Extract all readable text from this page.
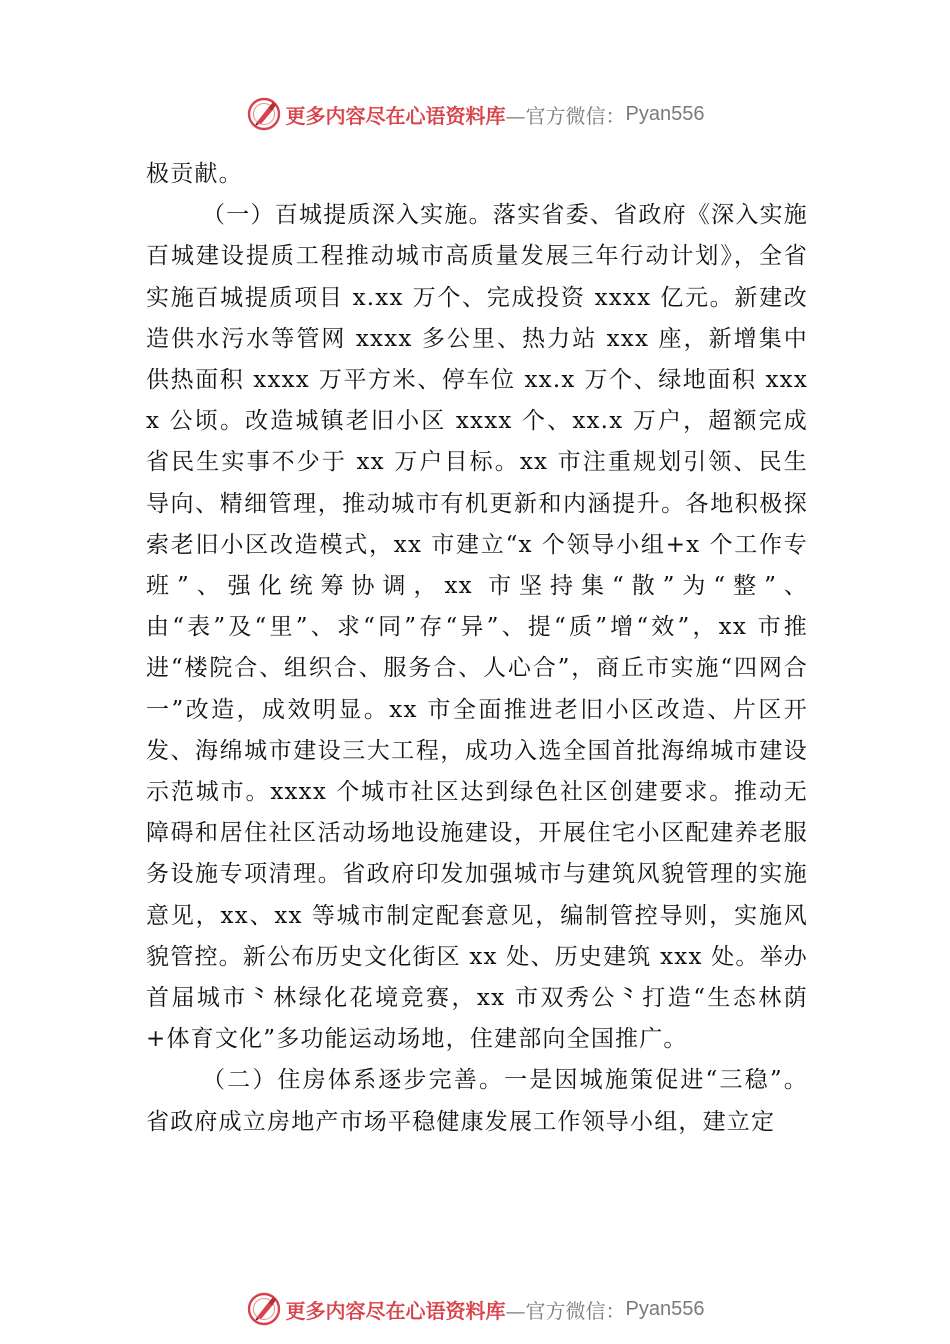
更多内容尽在心语资料库 —官方微信： Pyan556

极贡献。

（一）百城提质深入实施。落实省委、省政府《深入实施百城建设提质工程推动城市高质量发展三年行动计划》，全省实施百城提质项目 x.xx 万个、完成投资 xxxx 亿元。新建改造供水污水等管网 xxxx 多公里、热力站 xxx 座，新增集中供热面积 xxxx 万平方米、停车位 xx.x 万个、绿地面积 xxxx 公顷。改造城镇老旧小区 xxxx 个、xx.x 万户，超额完成省民生实事不少于 xx 万户目标。xx 市注重规划引领、民生导向、精细管理，推动城市有机更新和内涵提升。各地积极探索老旧小区改造模式，xx 市建立“x 个领导小组+x 个工作专班”、强化统筹协调，xx 市坚持集“散”为“整”、由“表”及“里”、求“同”存“异”、提“质”增“效”，xx 市推进“楼院合、组织合、服务合、人心合”，商丘市实施“四网合一”改造，成效明显。xx 市全面推进老旧小区改造、片区开发、海绵城市建设三大工程，成功入选全国首批海绵城市建设示范城市。xxxx 个城市社区达到绿色社区创建要求。推动无障碍和居住社区活动场地设施建设，开展住宅小区配建养老服务设施专项清理。省政府印发加强城市与建筑风貌管理的实施意见，xx、xx 等城市制定配套意见，编制管控导则，实施风貌管控。新公布历史文化街区 xx 处、历史建筑 xxx 处。举办首届城市⺀林绿化花境竞赛，xx 市双秀公⺀打造“生态林荫+体育文化”多功能运动场地，住建部向全国推广。

（二）住房体系逐步完善。一是因城施策促进“三稳”。省政府成立房地产市场平稳健康发展工作领导小组，建立定

更多内容尽在心语资料库 —官方微信： Pyan556
